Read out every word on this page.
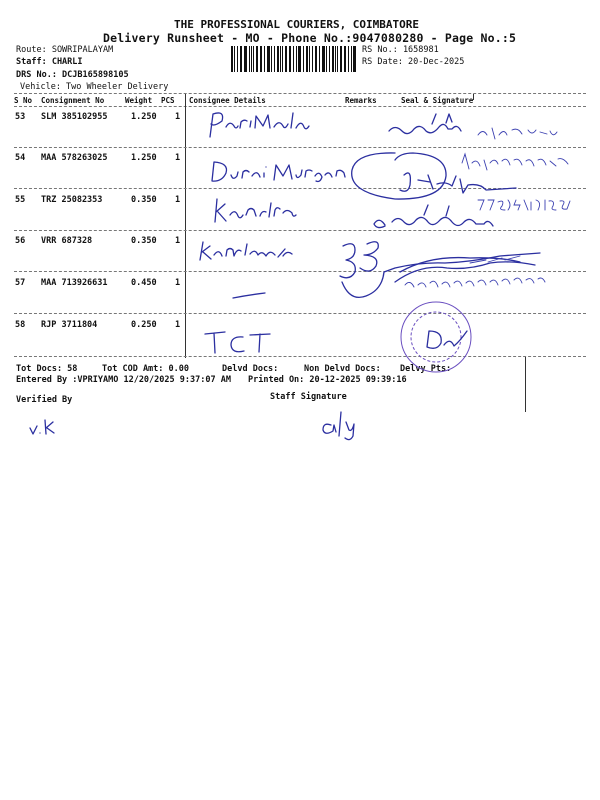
THE PROFESSIONAL COURIERS, COIMBATORE
Delivery Runsheet - MO - Phone No.:9047080280 - Page No.:5
Route: SOWRIPALAYAM
Staff: CHARLI
DRS No.: DCJB165898105
Vehicle: Two Wheeler Delivery
RS No.: 1658981
RS Date: 20-Dec-2025
S No Consignment No	Weight PCS Consignee Details	Remarks	Seal & Signature
53 SLM 385102955	1.250 1
54 MAA 578263025	1.250 1
55 TRZ 25082353	0.350 1
56 VRR 687328	0.350 1
57 MAA 713926631	0.450 1
58 RJP 3711804	0.250 1
Tot Docs: 58	Tot COD Amt: 0.00	Delvd Docs:	Non Delvd Docs: Delvy Pts:
Entered By :VPRIYAMO 12/20/2025 9:37:07 AM Printed On: 20-12-2025 09:39:16
Verified By	Staff Signature
